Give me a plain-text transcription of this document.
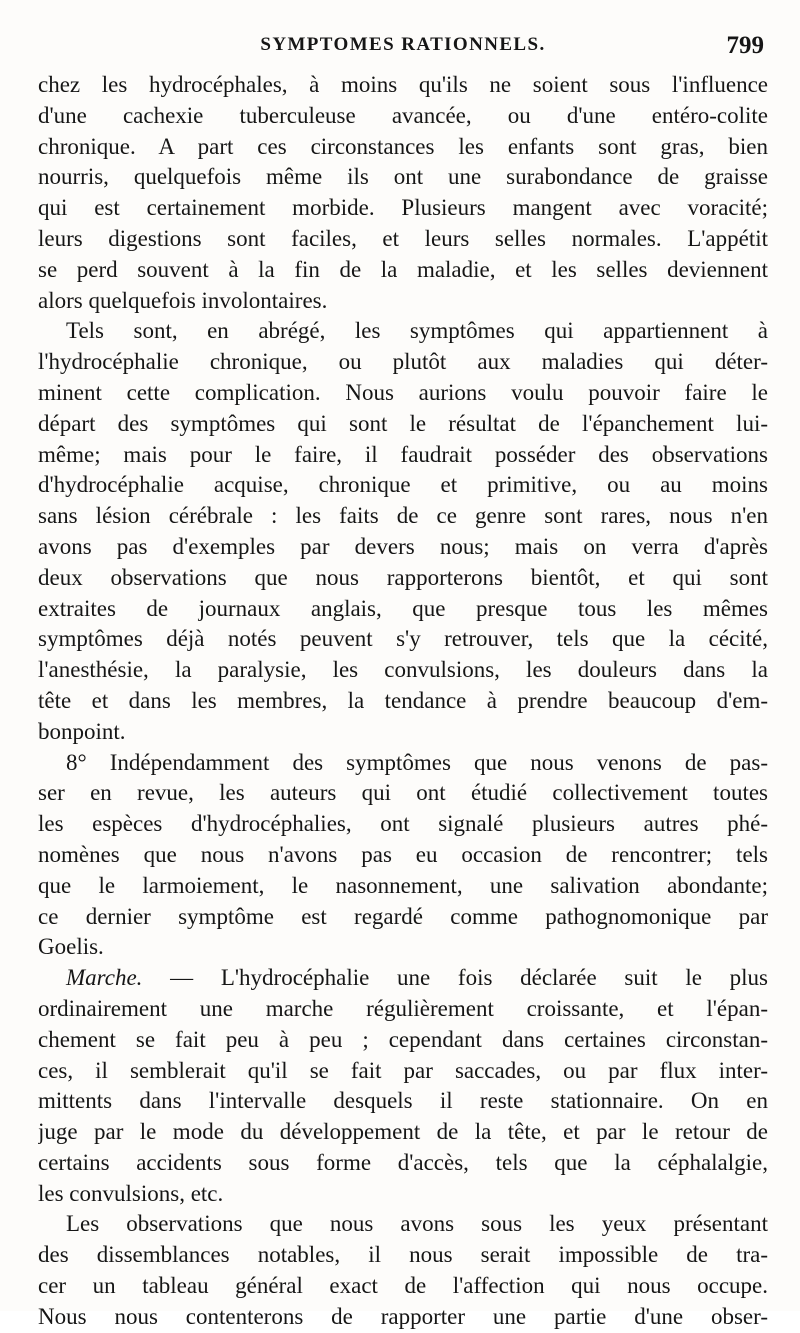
SYMPTOMES RATIONNELS.	799
chez les hydrocéphales, à moins qu'ils ne soient sous l'influence
d'une cachexie tuberculeuse avancée, ou d'une entéro-colite
chronique. A part ces circonstances les enfants sont gras, bien
nourris, quelquefois même ils ont une surabondance de graisse
qui est certainement morbide. Plusieurs mangent avec voracité;
leurs digestions sont faciles, et leurs selles normales. L'appétit
se perd souvent à la fin de la maladie, et les selles deviennent
alors quelquefois involontaires.
Tels sont, en abrégé, les symptômes qui appartiennent à
l'hydrocéphalie chronique, ou plutôt aux maladies qui déter-
minent cette complication. Nous aurions voulu pouvoir faire le
départ des symptômes qui sont le résultat de l'épanchement lui-
même; mais pour le faire, il faudrait posséder des observations
d'hydrocéphalie acquise, chronique et primitive, ou au moins
sans lésion cérébrale : les faits de ce genre sont rares, nous n'en
avons pas d'exemples par devers nous; mais on verra d'après
deux observations que nous rapporterons bientôt, et qui sont
extraites de journaux anglais, que presque tous les mêmes
symptômes déjà notés peuvent s'y retrouver, tels que la cécité,
l'anesthésie, la paralysie, les convulsions, les douleurs dans la
tête et dans les membres, la tendance à prendre beaucoup d'em-
bonpoint.
8° Indépendamment des symptômes que nous venons de pas-
ser en revue, les auteurs qui ont étudié collectivement toutes
les espèces d'hydrocéphalies, ont signalé plusieurs autres phé-
nomènes que nous n'avons pas eu occasion de rencontrer; tels
que le larmoiement, le nasonnement, une salivation abondante;
ce dernier symptôme est regardé comme pathognomonique par
Goelis.
Marche. — L'hydrocéphalie une fois déclarée suit le plus
ordinairement une marche régulièrement croissante, et l'épan-
chement se fait peu à peu ; cependant dans certaines circonstan-
ces, il semblerait qu'il se fait par saccades, ou par flux inter-
mittents dans l'intervalle desquels il reste stationnaire. On en
juge par le mode du développement de la tête, et par le retour de
certains accidents sous forme d'accès, tels que la céphalalgie,
les convulsions, etc.
Les observations que nous avons sous les yeux présentant
des dissemblances notables, il nous serait impossible de tra-
cer un tableau général exact de l'affection qui nous occupe.
Nous nous contenterons de rapporter une partie d'une obser-
